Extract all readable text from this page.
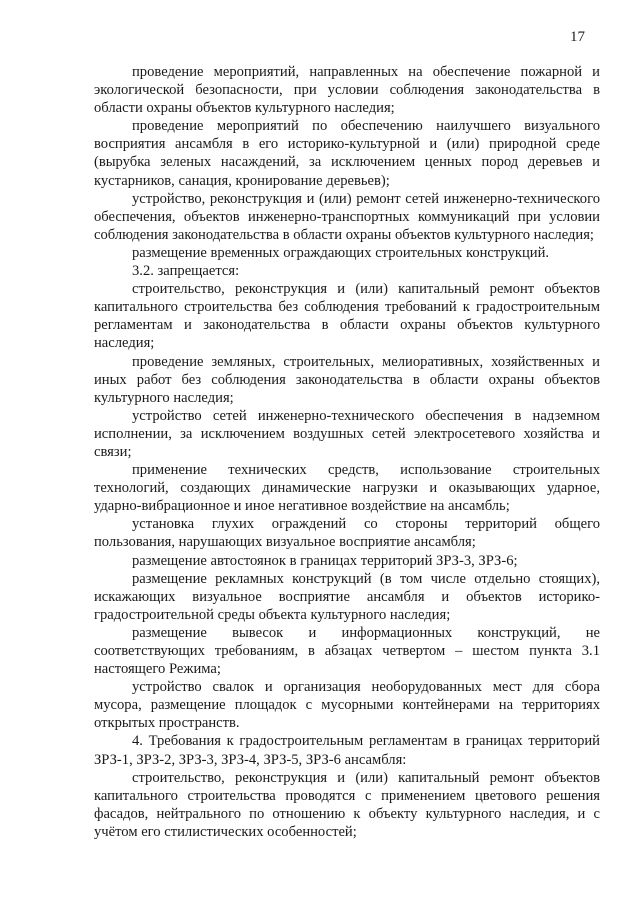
17

проведение мероприятий, направленных на обеспечение пожарной и экологической безопасности, при условии соблюдения законодательства в области охраны объектов культурного наследия;

проведение мероприятий по обеспечению наилучшего визуального восприятия ансамбля в его историко-культурной и (или) природной среде (вырубка зеленых насаждений, за исключением ценных пород деревьев и кустарников, санация, кронирование деревьев);

устройство, реконструкция и (или) ремонт сетей инженерно-технического обеспечения, объектов инженерно-транспортных коммуникаций при условии соблюдения законодательства в области охраны объектов культурного наследия;

размещение временных ограждающих строительных конструкций.

3.2. запрещается:

строительство, реконструкция и (или) капитальный ремонт объектов капитального строительства без соблюдения требований к градостроительным регламентам и законодательства в области охраны объектов культурного наследия;

проведение земляных, строительных, мелиоративных, хозяйственных и иных работ без соблюдения законодательства в области охраны объектов культурного наследия;

устройство сетей инженерно-технического обеспечения в надземном исполнении, за исключением воздушных сетей электросетевого хозяйства и связи;

применение технических средств, использование строительных технологий, создающих динамические нагрузки и оказывающих ударное, ударно-вибрационное и иное негативное воздействие на ансамбль;

установка глухих ограждений со стороны территорий общего пользования, нарушающих визуальное восприятие ансамбля;

размещение автостоянок в границах территорий ЗРЗ-3, ЗРЗ-6;

размещение рекламных конструкций (в том числе отдельно стоящих), искажающих визуальное восприятие ансамбля и объектов историко-градостроительной среды объекта культурного наследия;

размещение вывесок и информационных конструкций, не соответствующих требованиям, в абзацах четвертом – шестом пункта 3.1 настоящего Режима;

устройство свалок и организация необорудованных мест для сбора мусора, размещение площадок с мусорными контейнерами на территориях открытых пространств.

4. Требования к градостроительным регламентам в границах территорий ЗРЗ-1, ЗРЗ-2, ЗРЗ-3, ЗРЗ-4, ЗРЗ-5, ЗРЗ-6 ансамбля:

строительство, реконструкция и (или) капитальный ремонт объектов капитального строительства проводятся с применением цветового решения фасадов, нейтрального по отношению к объекту культурного наследия, и с учётом его стилистических особенностей;
